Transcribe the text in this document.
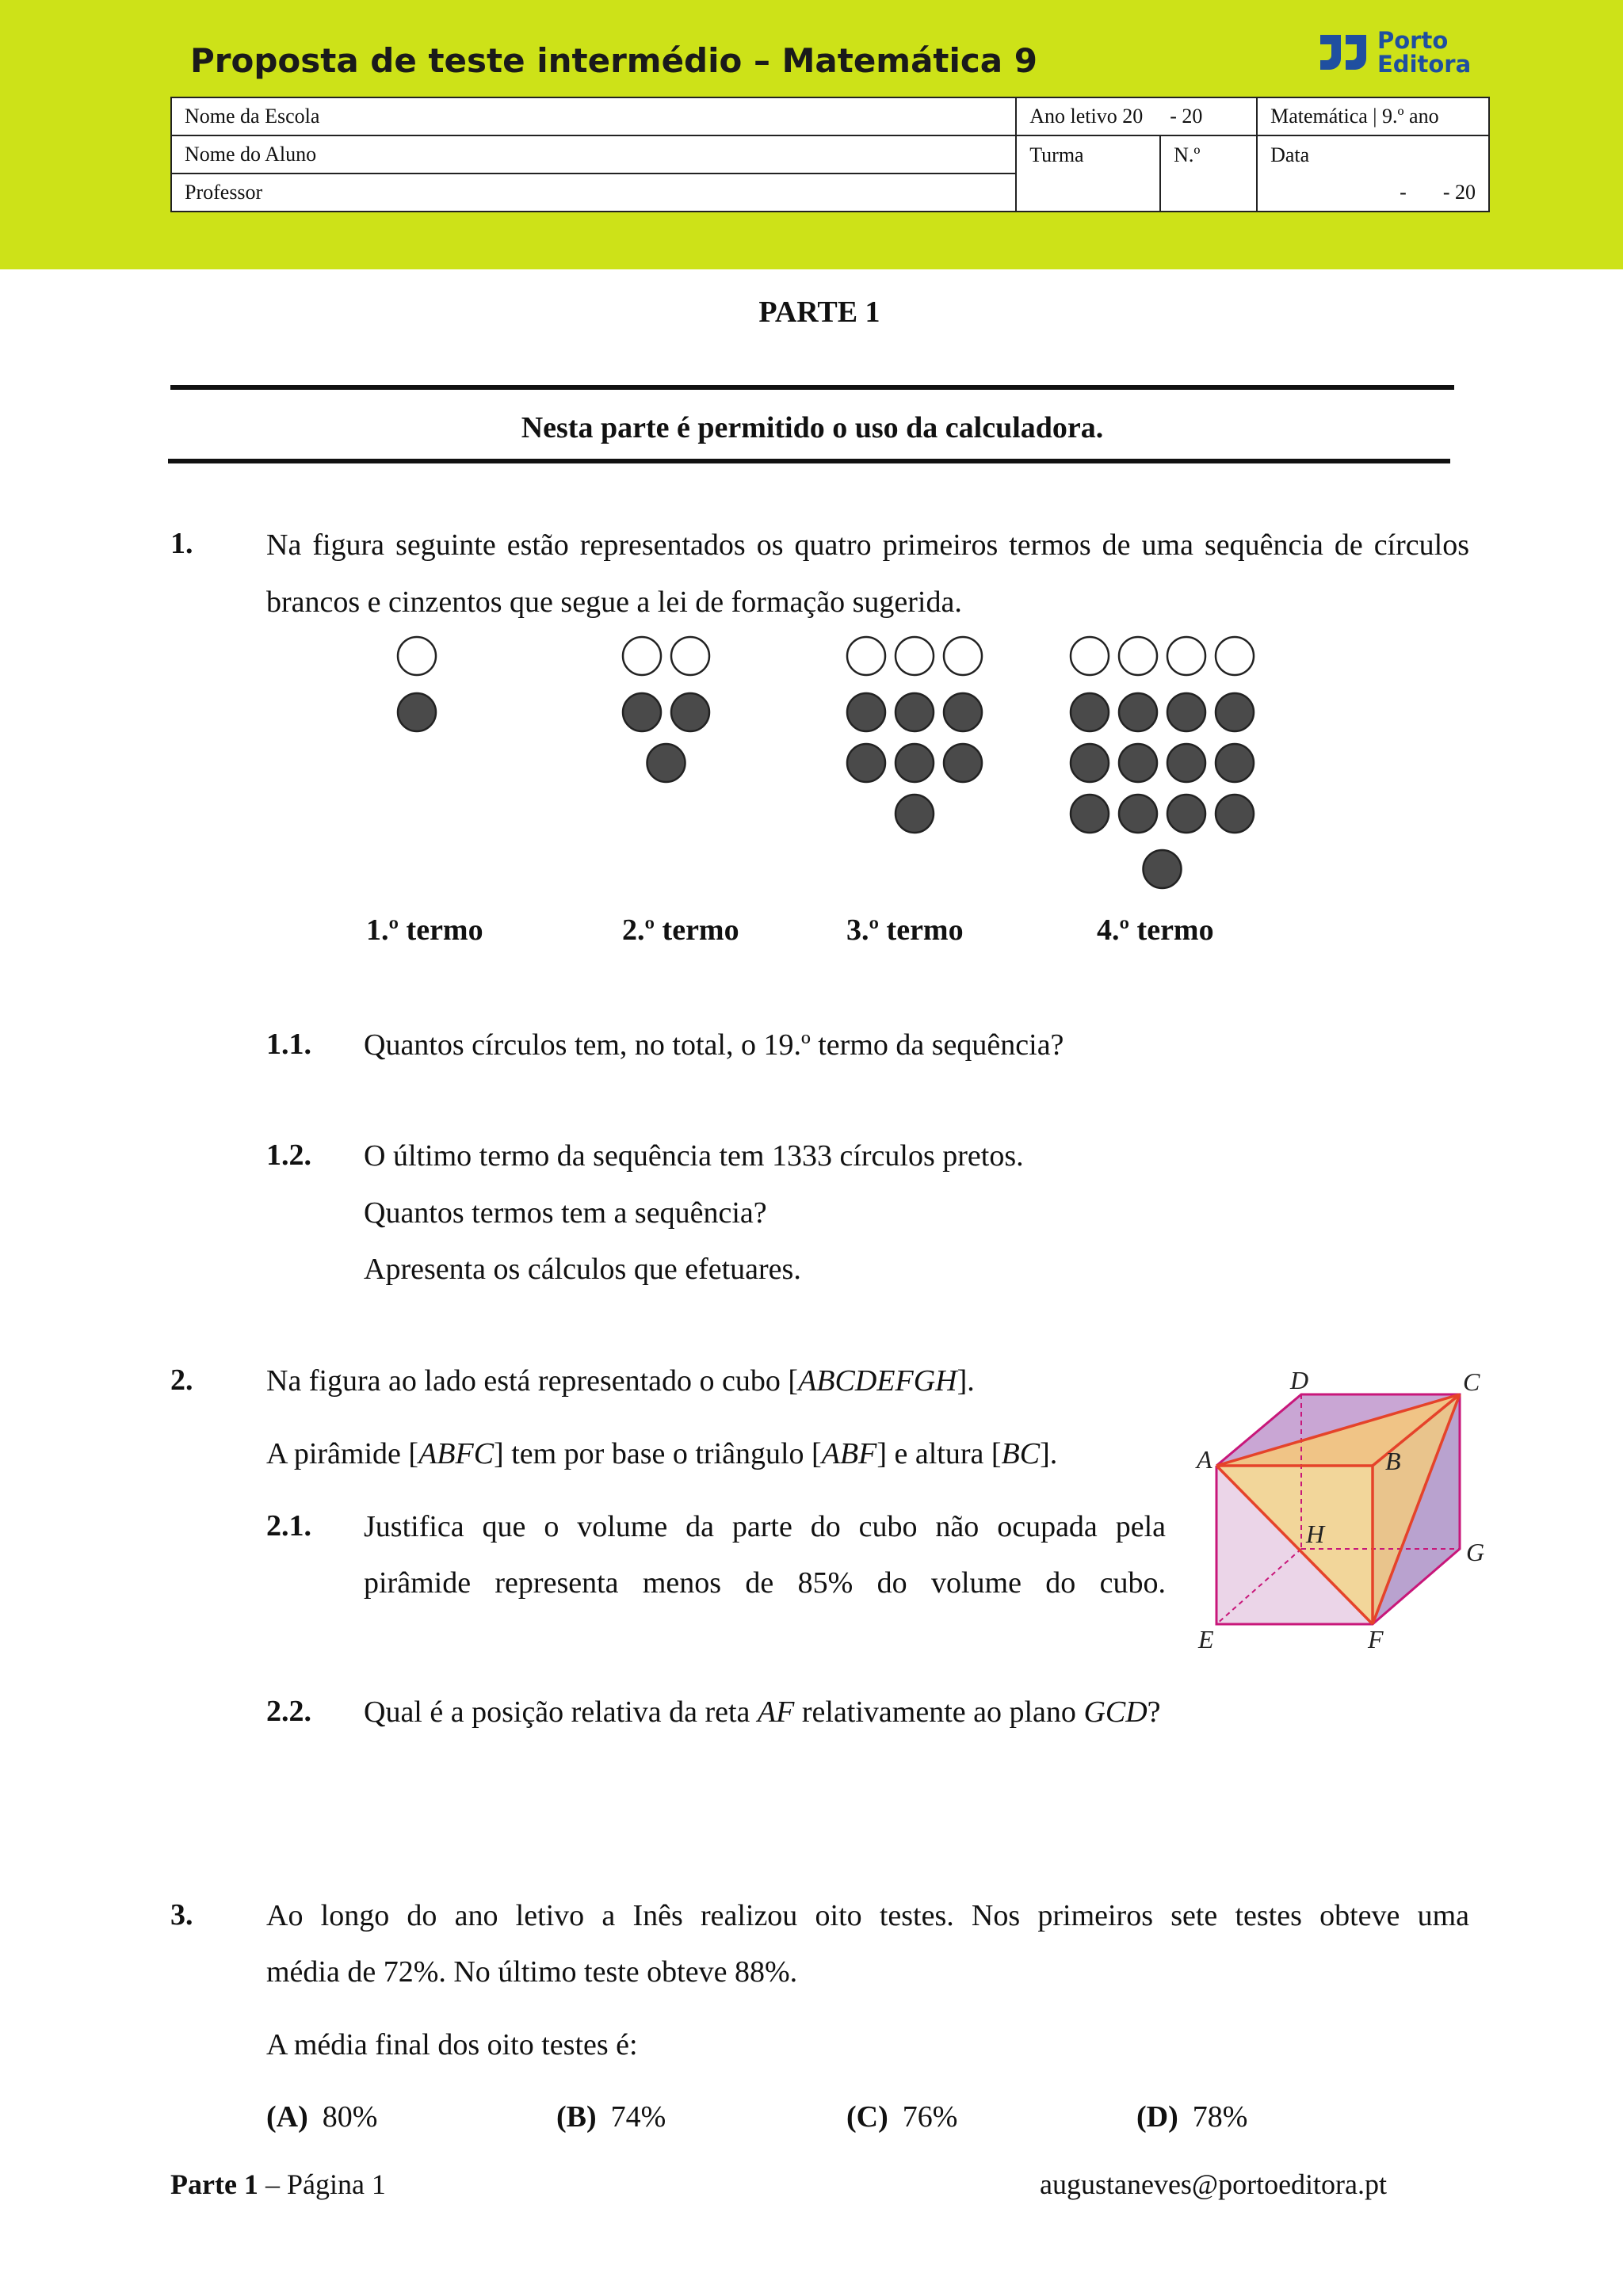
Proposta de teste intermédio – Matemática 9
Porto
Editora
Nome da Escola	Ano letivo 20 - 20		Matemática | 9.º ano
Nome do Aluno	Turma	N.º	Data
Professor			- - 20
PARTE 1
Nesta parte é permitido o uso da calculadora.
1. Na figura seguinte estão representados os quatro primeiros termos de uma sequência de círculos brancos e cinzentos que segue a lei de formação sugerida.
1.º termo	2.º termo	3.º termo	4.º termo
1.1. Quantos círculos tem, no total, o 19.º termo da sequência?
1.2. O último termo da sequência tem 1333 círculos pretos.
Quantos termos tem a sequência?
Apresenta os cálculos que efetuares.
2. Na figura ao lado está representado o cubo [ABCDEFGH].
A pirâmide [ABFC] tem por base o triângulo [ABF] e altura [BC].
2.1. Justifica que o volume da parte do cubo não ocupada pela
pirâmide representa menos de 85% do volume do cubo.
A	B
C
D
E	F
G
H
2.2. Qual é a posição relativa da reta AF relativamente ao plano GCD?
3. Ao longo do ano letivo a Inês realizou oito testes. Nos primeiros sete testes obteve uma
média de 72%. No último teste obteve 88%.
A média final dos oito testes é:
(A) 80%	(B) 74%	(C) 76%	(D) 78%
Parte 1 – Página 1	augustaneves@portoeditora.pt
